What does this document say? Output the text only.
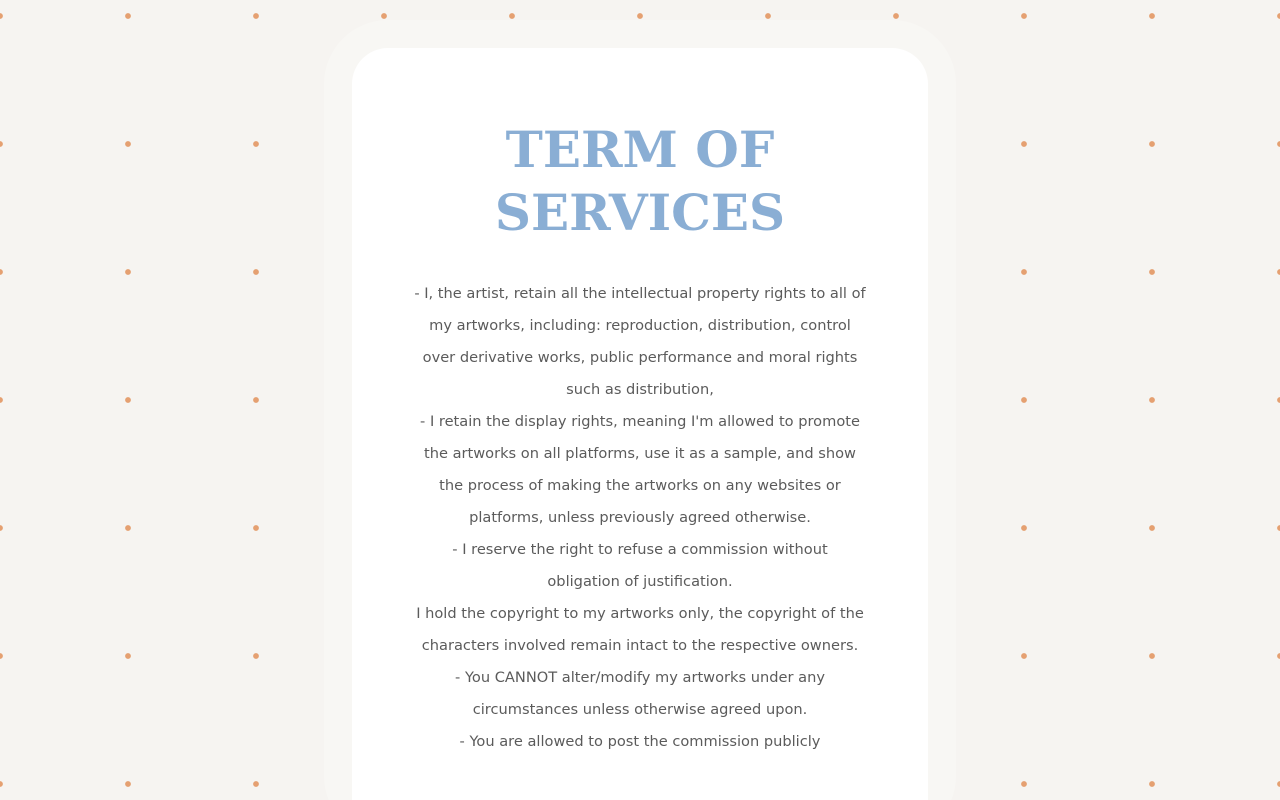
TERM OF
SERVICES

- I, the artist, retain all the intellectual property rights to all of my artworks, including: reproduction, distribution, control over derivative works, public performance and moral rights such as distribution,

- I retain the display rights, meaning I'm allowed to promote the artworks on all platforms, use it as a sample, and show the process of making the artworks on any websites or platforms, unless previously agreed otherwise.

- I reserve the right to refuse a commission without obligation of justification.

I hold the copyright to my artworks only, the copyright of the characters involved remain intact to the respective owners.

- You CANNOT alter/modify my artworks under any circumstances unless otherwise agreed upon.

- You are allowed to post the commission publicly
